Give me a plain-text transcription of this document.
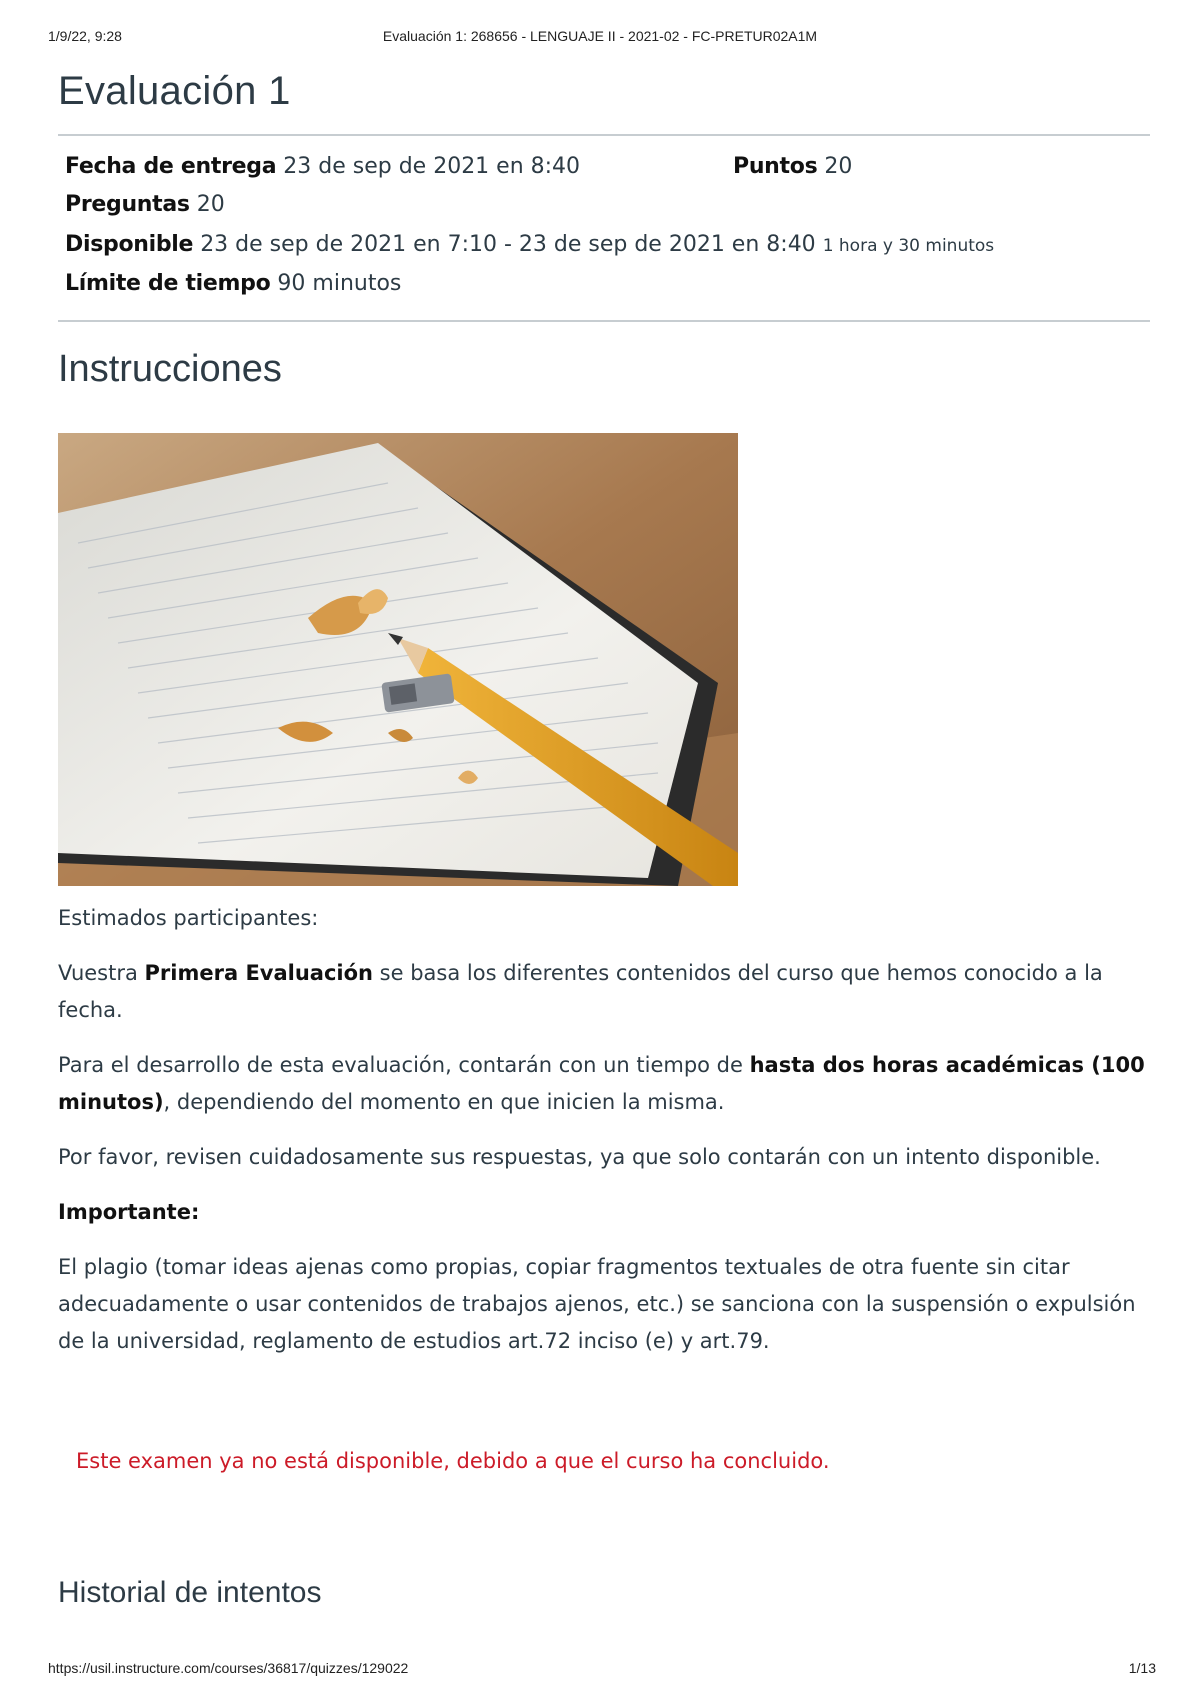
1/9/22, 9:28	Evaluación 1: 268656 - LENGUAJE II - 2021-02 - FC-PRETUR02A1M
Evaluación 1
Fecha de entrega 23 de sep de 2021 en 8:40	Puntos 20
Preguntas 20
Disponible 23 de sep de 2021 en 7:10 - 23 de sep de 2021 en 8:40 1 hora y 30 minutos
Límite de tiempo 90 minutos
Instrucciones

Estimados participantes:

Vuestra Primera Evaluación se basa los diferentes contenidos del curso que hemos conocido a la fecha.

Para el desarrollo de esta evaluación, contarán con un tiempo de hasta dos horas académicas (100 minutos), dependiendo del momento en que inicien la misma.

Por favor, revisen cuidadosamente sus respuestas, ya que solo contarán con un intento disponible.

Importante:

El plagio (tomar ideas ajenas como propias, copiar fragmentos textuales de otra fuente sin citar adecuadamente o usar contenidos de trabajos ajenos, etc.) se sanciona con la suspensión o expulsión de la universidad, reglamento de estudios art.72 inciso (e) y art.79.

Este examen ya no está disponible, debido a que el curso ha concluido.
Historial de intentos
https://usil.instructure.com/courses/36817/quizzes/129022	1/13
